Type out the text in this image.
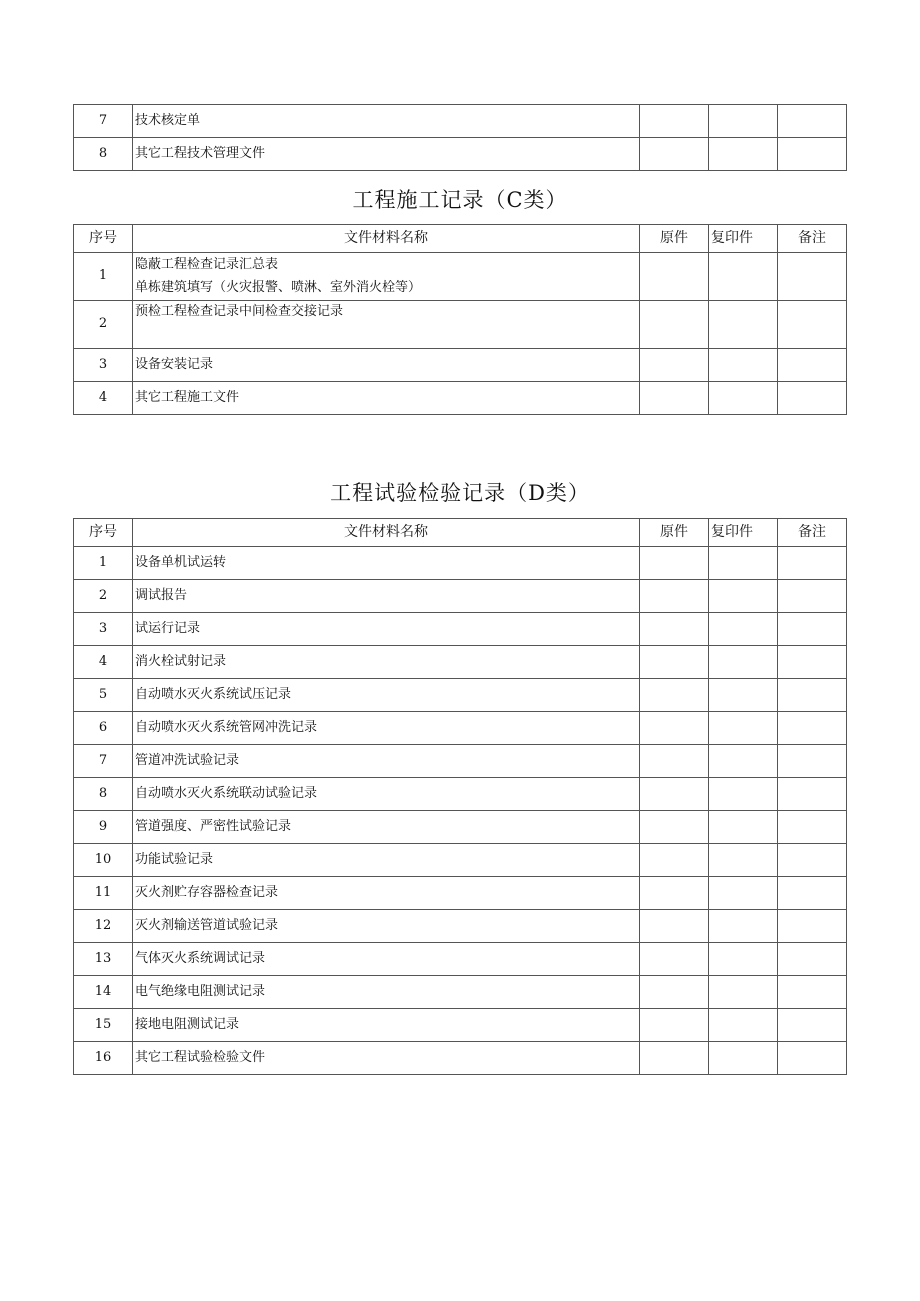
7	技术核定单			
8	其它工程技术管理文件			
工程施工记录（C类）
序号	文件材料名称	原件	复印件	备注
1	隐蔽工程检查记录汇总表
单栋建筑填写（火灾报警、喷淋、室外消火栓等）			

2	预检工程检查记录中间检查交接记录			
3	设备安装记录			
4	其它工程施工文件			
工程试验检验记录（D类）
序号	文件材料名称	原件	复印件	备注
1	设备单机试运转			
2	调试报告			
3	试运行记录			
4	消火栓试射记录			
5	自动喷水灭火系统试压记录			
6	自动喷水灭火系统管网冲洗记录			
7	管道冲洗试验记录			
8	自动喷水灭火系统联动试验记录			
9	管道强度、严密性试验记录			
10	功能试验记录			
11	灭火剂贮存容器检查记录			
12	灭火剂输送管道试验记录			
13	气体灭火系统调试记录			
14	电气绝缘电阻测试记录			
15	接地电阻测试记录			
16	其它工程试验检验文件			
